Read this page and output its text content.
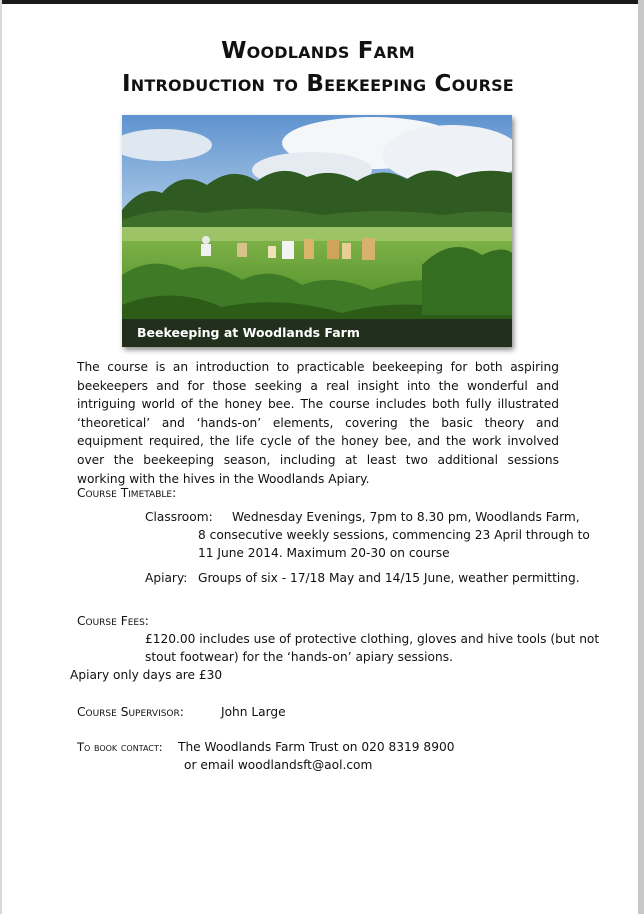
Woodlands Farm
Introduction to Beekeeping Course
Beekeeping at Woodlands Farm
The course is an introduction to practicable beekeeping for both aspiring beekeepers and for those seeking a real insight into the wonderful and intriguing world of the honey bee. The course includes both fully illustrated ‘theoretical’ and ‘hands-on’ elements, covering the basic theory and equipment required, the life cycle of the honey bee, and the work involved over the beekeeping season, including at least two additional sessions working with the hives in the Woodlands Apiary.
Course Timetable:
Classroom: Wednesday Evenings, 7pm to 8.30 pm, Woodlands Farm,
8 consecutive weekly sessions, commencing 23 April through to
11 June 2014. Maximum 20-30 on course
Apiary: Groups of six - 17/18 May and 14/15 June, weather permitting.
Course Fees:
£120.00 includes use of protective clothing, gloves and hive tools (but not
stout footwear) for the ‘hands-on’ apiary sessions.
Apiary only days are £30
Course Supervisor:	John Large
To book contact: The Woodlands Farm Trust on 020 8319 8900
or email woodlandsft@aol.com
